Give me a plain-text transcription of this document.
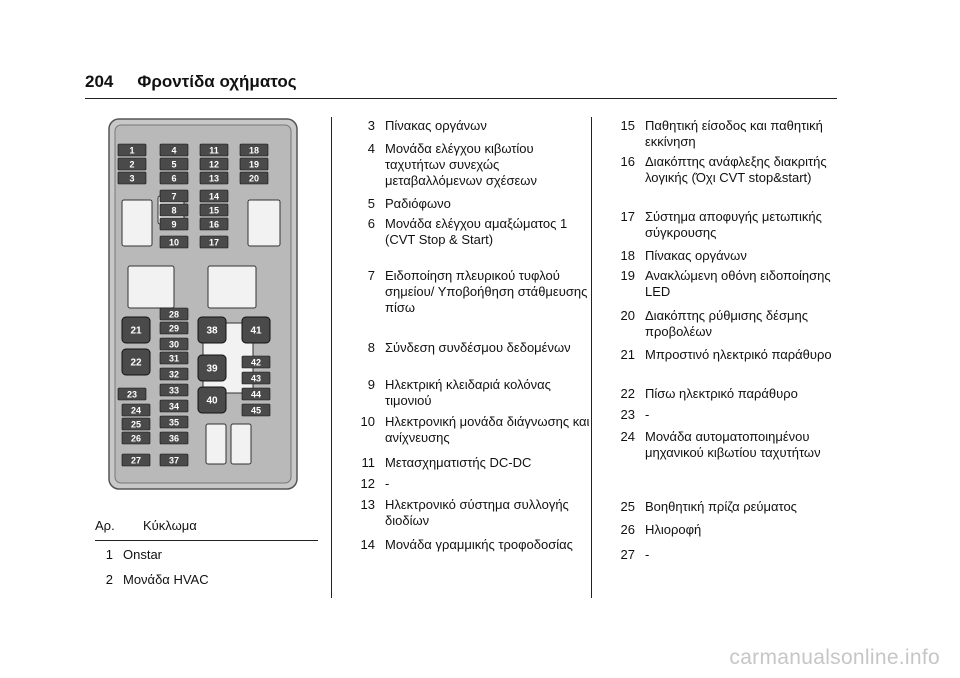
204 Φροντίδα οχήματος
1
2
3
4
5
6
7
8
9
10
11
12
13
14
15
16
17
18
19
20
21
22
23
24
25
26
27
28
29
30
31
32
33
34
35
36
37
38
39
40
41
42
43
44
45
Αρ. Κύκλωμα
1 Onstar
2 Μονάδα HVAC
3 Πίνακας οργάνων
4 Μονάδα ελέγχου κιβωτίου ταχυτήτων συνεχώς μεταβαλλόμενων σχέσεων
5 Ραδιόφωνο
6 Μονάδα ελέγχου αμαξώματος 1 (CVT Stop & Start)
7 Ειδοποίηση πλευρικού τυφλού σημείου/ Υποβοήθηση στάθμευσης πίσω
8 Σύνδεση συνδέσμου δεδομένων
9 Ηλεκτρική κλειδαριά κολόνας τιμονιού
10 Ηλεκτρονική μονάδα διάγνωσης και ανίχνευσης
11 Μετασχηματιστής DC-DC
12 -
13 Ηλεκτρονικό σύστημα συλλογής διοδίων
14 Μονάδα γραμμικής τροφοδοσίας
15 Παθητική είσοδος και παθητική εκκίνηση
16 Διακόπτης ανάφλεξης διακριτής λογικής (Όχι CVT stop&start)
17 Σύστημα αποφυγής μετωπικής σύγκρουσης
18 Πίνακας οργάνων
19 Ανακλώμενη οθόνη ειδοποίησης LED
20 Διακόπτης ρύθμισης δέσμης προβολέων
21 Μπροστινό ηλεκτρικό παράθυρο
22 Πίσω ηλεκτρικό παράθυρο
23 -
24 Μονάδα αυτοματοποιημένου μηχανικού κιβωτίου ταχυτήτων
25 Βοηθητική πρίζα ρεύματος
26 Ηλιοροφή
27 -
carmanualsonline.info
